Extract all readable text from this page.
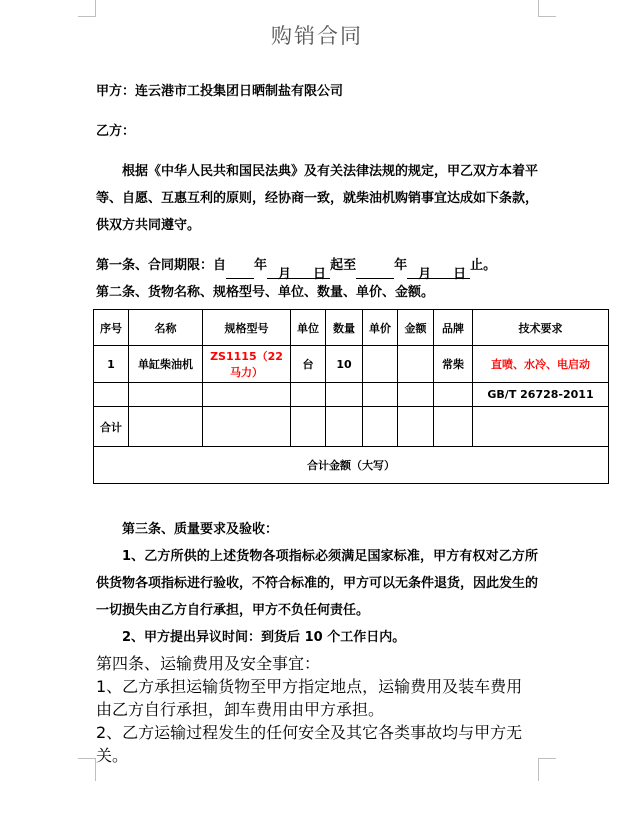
购销合同

甲方：连云港市工投集团日晒制盐有限公司

乙方：

根据《中华人民共和国民法典》及有关法律法规的规定，甲乙双方本着平等、自愿、互惠互利的原则，经协商一致，就柴油机购销事宜达成如下条款，供双方共同遵守。

第一条、合同期限：自 年月 日起至	年月 日止。

第二条、货物名称、规格型号、单位、数量、单价、金额。

序号	名称	规格型号	单位	数量	单价	金额	品牌	技术要求
1	单缸柴油机	ZS1115（22 马力）	台	10			常柴	直喷、水冷、电启动
								GB/T 26728-2011
合计								
合计金额（大写）								

第三条、质量要求及验收：

1、乙方所供的上述货物各项指标必须满足国家标准，甲方有权对乙方所供货物各项指标进行验收，不符合标准的，甲方可以无条件退货，因此发生的一切损失由乙方自行承担，甲方不负任何责任。

2、甲方提出异议时间：到货后 10 个工作日内。

第四条、运输费用及安全事宜：

1、乙方承担运输货物至甲方指定地点，运输费用及装车费用由乙方自行承担，卸车费用由甲方承担。

2、乙方运输过程发生的任何安全及其它各类事故均与甲方无关。
